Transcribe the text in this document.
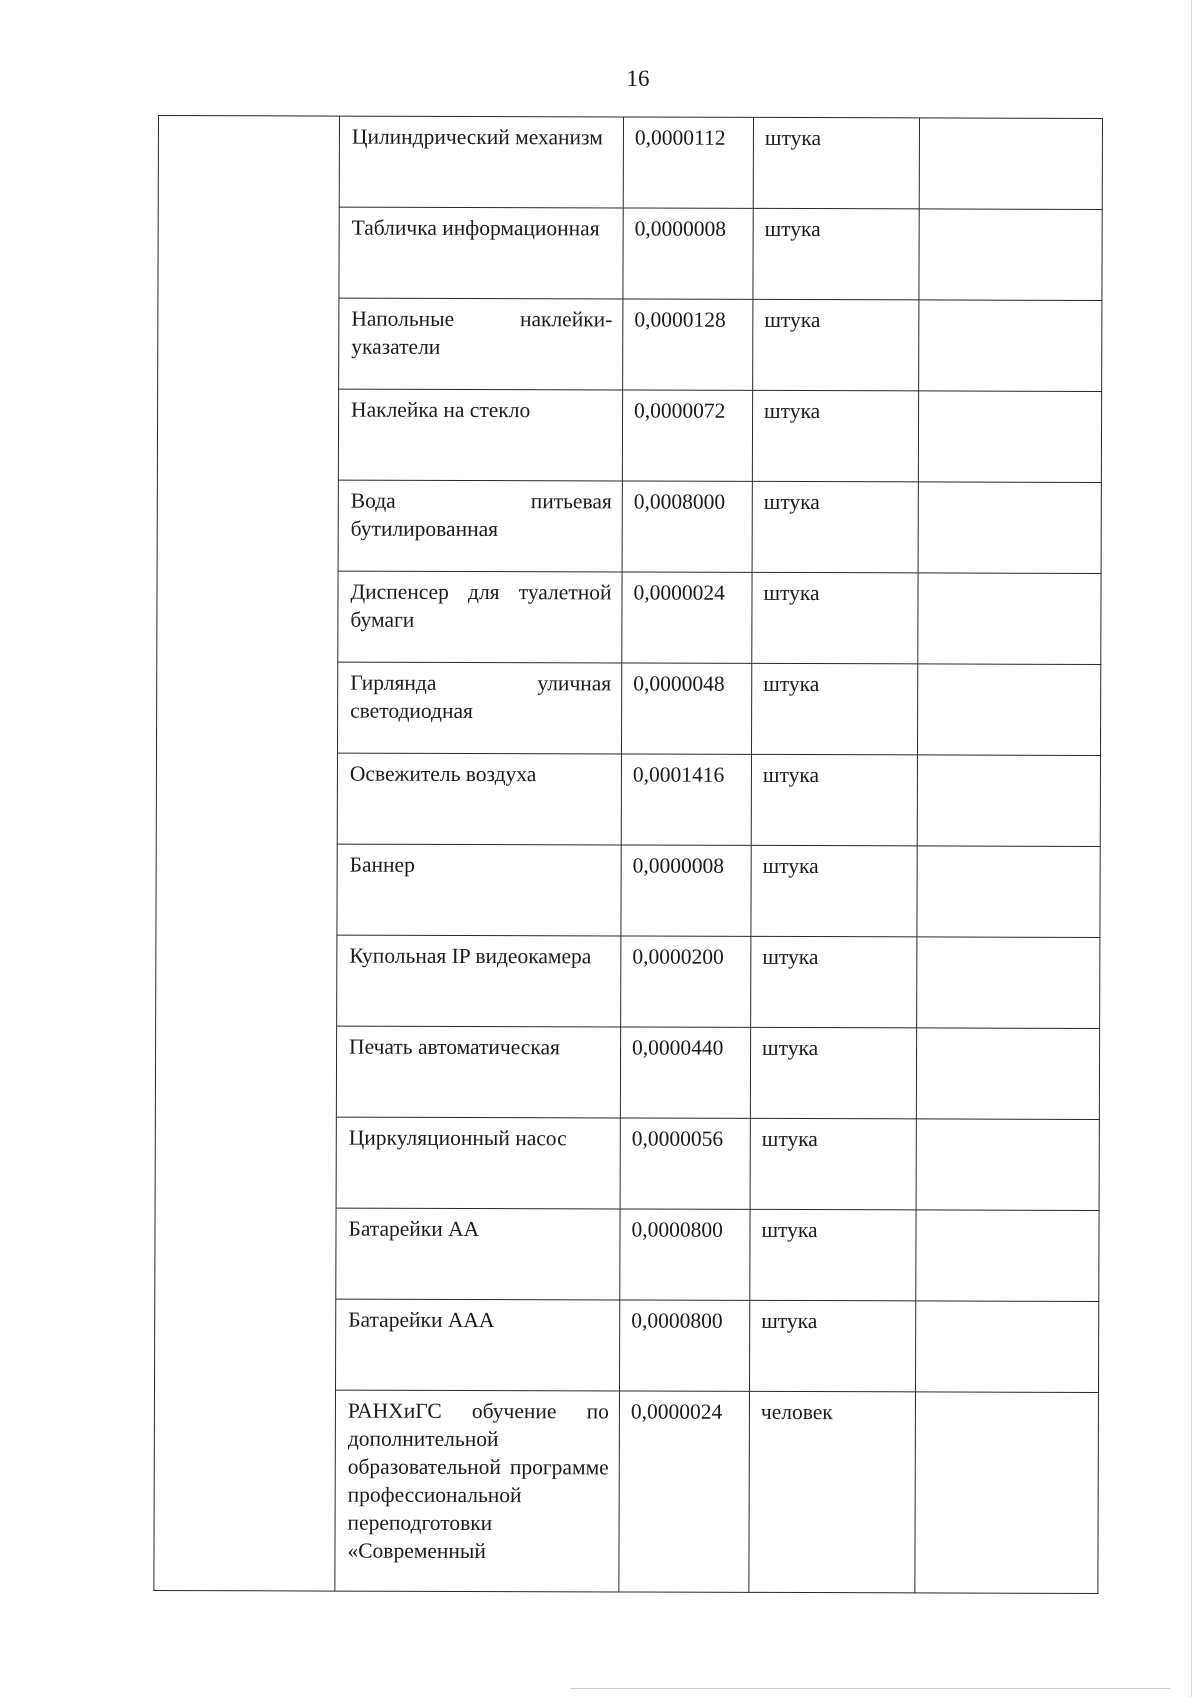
16
	Цилиндрический механизм	0,0000112	штука	
	Табличка информационная	0,0000008	штука	
	Напольные наклейки-указатели	0,0000128	штука	
	Наклейка на стекло	0,0000072	штука	
	Вода питьевая бутилированная	0,0008000	штука	
	Диспенсер для туалетной бумаги	0,0000024	штука	
	Гирлянда уличная светодиодная	0,0000048	штука	
	Освежитель воздуха	0,0001416	штука	
	Баннер	0,0000008	штука	
	Купольная IP видеокамера	0,0000200	штука	
	Печать автоматическая	0,0000440	штука	
	Циркуляционный насос	0,0000056	штука	
	Батарейки АА	0,0000800	штука	
	Батарейки ААА	0,0000800	штука	
	РАНХиГС обучение по дополнительной образовательной программе профессиональной переподготовки «Современный	0,0000024	человек	
